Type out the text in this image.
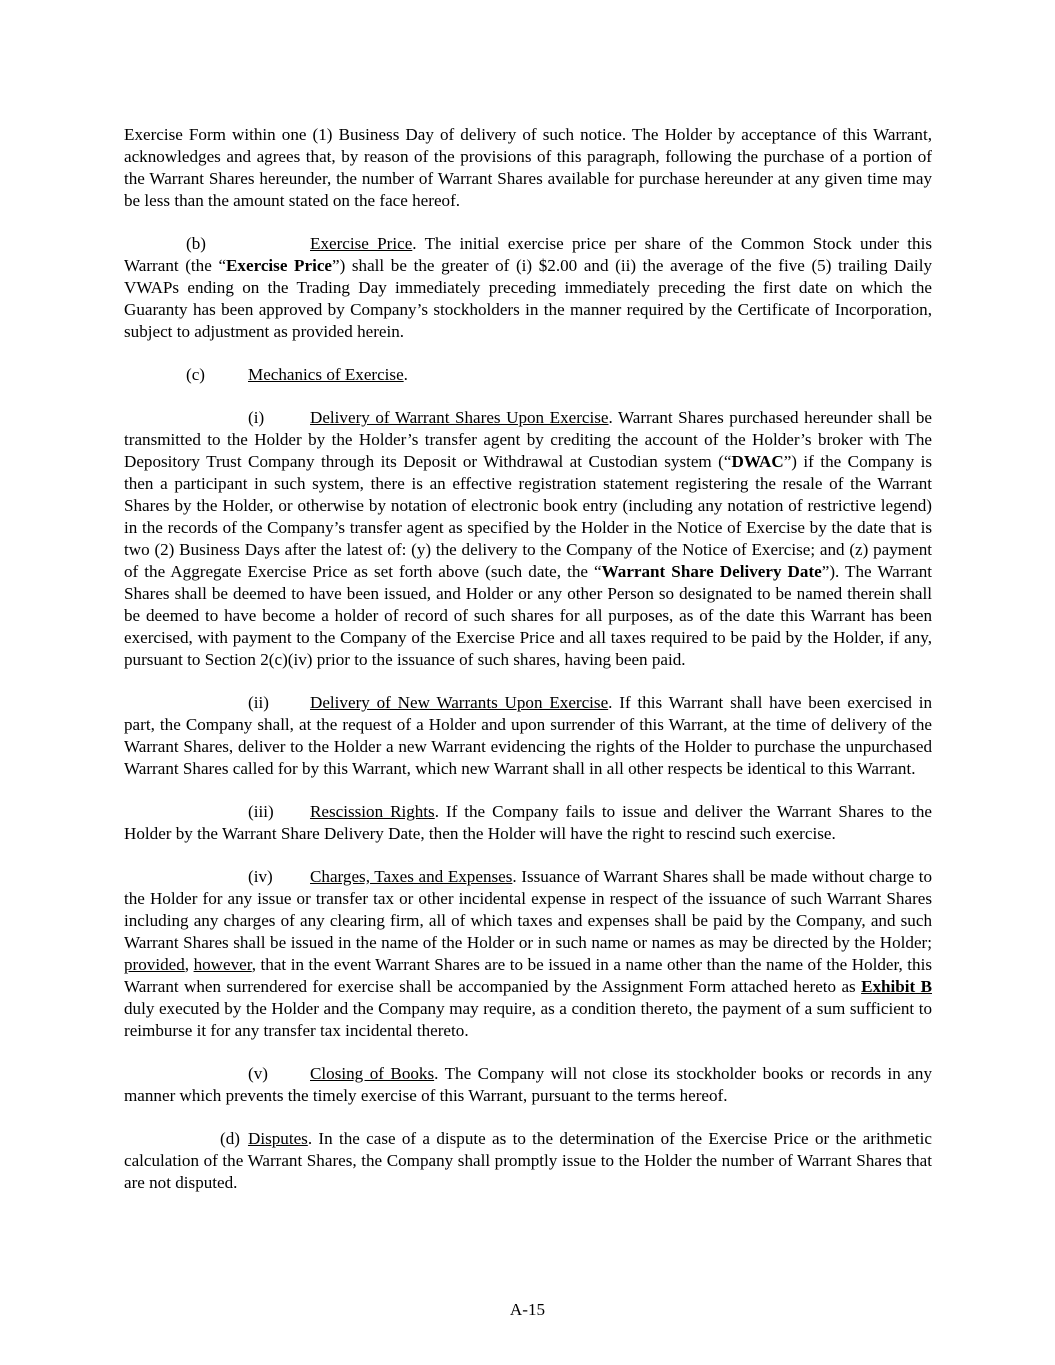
Exercise Form within one (1) Business Day of delivery of such notice. The Holder by acceptance of this Warrant, acknowledges and agrees that, by reason of the provisions of this paragraph, following the purchase of a portion of the Warrant Shares hereunder, the number of Warrant Shares available for purchase hereunder at any given time may be less than the amount stated on the face hereof.

(b)	Exercise Price. The initial exercise price per share of the Common Stock under this Warrant (the “Exercise Price”) shall be the greater of (i) $2.00 and (ii) the average of the five (5) trailing Daily VWAPs ending on the Trading Day immediately preceding immediately preceding the first date on which the Guaranty has been approved by Company’s stockholders in the manner required by the Certificate of Incorporation, subject to adjustment as provided herein.

(c)	Mechanics of Exercise.

(i)	Delivery of Warrant Shares Upon Exercise. Warrant Shares purchased hereunder shall be transmitted to the Holder by the Holder’s transfer agent by crediting the account of the Holder’s broker with The Depository Trust Company through its Deposit or Withdrawal at Custodian system (“DWAC”) if the Company is then a participant in such system, there is an effective registration statement registering the resale of the Warrant Shares by the Holder, or otherwise by notation of electronic book entry (including any notation of restrictive legend) in the records of the Company’s transfer agent as specified by the Holder in the Notice of Exercise by the date that is two (2) Business Days after the latest of: (y) the delivery to the Company of the Notice of Exercise; and (z) payment of the Aggregate Exercise Price as set forth above (such date, the “Warrant Share Delivery Date”). The Warrant Shares shall be deemed to have been issued, and Holder or any other Person so designated to be named therein shall be deemed to have become a holder of record of such shares for all purposes, as of the date this Warrant has been exercised, with payment to the Company of the Exercise Price and all taxes required to be paid by the Holder, if any, pursuant to Section 2(c)(iv) prior to the issuance of such shares, having been paid.

(ii) Delivery of New Warrants Upon Exercise. If this Warrant shall have been exercised in part, the Company shall, at the request of a Holder and upon surrender of this Warrant, at the time of delivery of the Warrant Shares, deliver to the Holder a new Warrant evidencing the rights of the Holder to purchase the unpurchased Warrant Shares called for by this Warrant, which new Warrant shall in all other respects be identical to this Warrant.

(iii) Rescission Rights. If the Company fails to issue and deliver the Warrant Shares to the Holder by the Warrant Share Delivery Date, then the Holder will have the right to rescind such exercise.

(iv) Charges, Taxes and Expenses. Issuance of Warrant Shares shall be made without charge to the Holder for any issue or transfer tax or other incidental expense in respect of the issuance of such Warrant Shares including any charges of any clearing firm, all of which taxes and expenses shall be paid by the Company, and such Warrant Shares shall be issued in the name of the Holder or in such name or names as may be directed by the Holder; provided, however, that in the event Warrant Shares are to be issued in a name other than the name of the Holder, this Warrant when surrendered for exercise shall be accompanied by the Assignment Form attached hereto as Exhibit B duly executed by the Holder and the Company may require, as a condition thereto, the payment of a sum sufficient to reimburse it for any transfer tax incidental thereto.

(v) Closing of Books. The Company will not close its stockholder books or records in any manner which prevents the timely exercise of this Warrant, pursuant to the terms hereof.

(d) Disputes. In the case of a dispute as to the determination of the Exercise Price or the arithmetic calculation of the Warrant Shares, the Company shall promptly issue to the Holder the number of Warrant Shares that are not disputed.

A-15
